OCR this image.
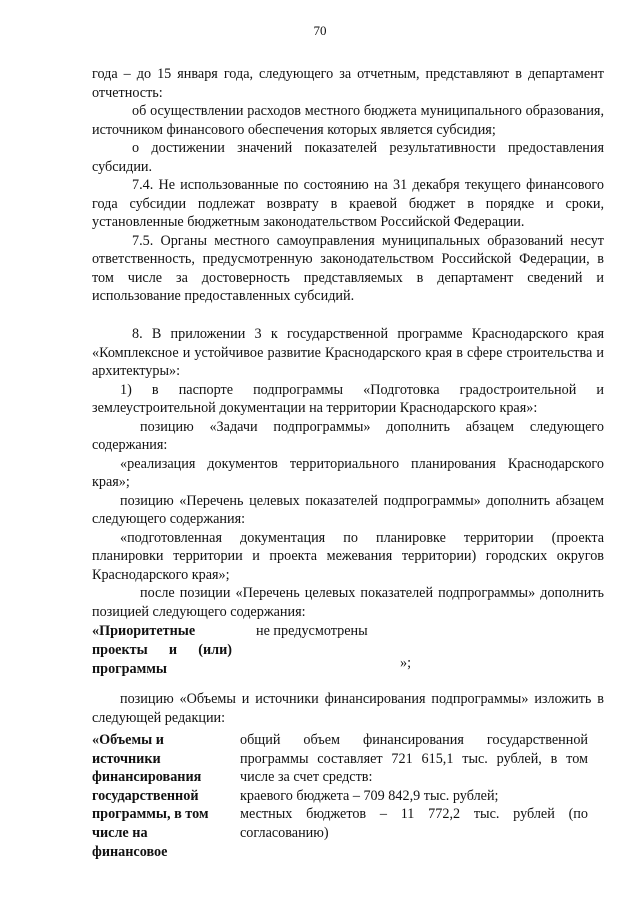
70

года – до 15 января года, следующего за отчетным, представляют в департамент отчетность:

об осуществлении расходов местного бюджета муниципального образования, источником финансового обеспечения которых является субсидия;

о достижении значений показателей результативности предоставления субсидии.

7.4. Не использованные по состоянию на 31 декабря текущего финансового года субсидии подлежат возврату в краевой бюджет в порядке и сроки, установленные бюджетным законодательством Российской Федерации.

7.5. Органы местного самоуправления муниципальных образований несут ответственность, предусмотренную законодательством Российской Федерации, в том числе за достоверность представляемых в департамент сведений и использование предоставленных субсидий.

8. В приложении 3 к государственной программе Краснодарского края «Комплексное и устойчивое развитие Краснодарского края в сфере строительства и архитектуры»:

1) в паспорте подпрограммы «Подготовка градостроительной и землеустроительной документации на территории Краснодарского края»:

позицию «Задачи подпрограммы» дополнить абзацем следующего содержания:

«реализация документов территориального планирования Краснодарского края»;

позицию «Перечень целевых показателей подпрограммы» дополнить абзацем следующего содержания:

«подготовленная документация по планировке территории (проекта планировки территории и проекта межевания территории) городских округов Краснодарского края»;

после позиции «Перечень целевых показателей подпрограммы» дополнить позицией следующего содержания:

«Приоритетные
проекты и (или)
программы
не предусмотрены
»;

позицию «Объемы и источники финансирования подпрограммы» изложить в следующей редакции:

«Объемы и
источники
финансирования
государственной
программы, в том
числе на
финансовое
общий объем финансирования государственной программы составляет 721 615,1 тыс. рублей, в том числе за счет средств:
краевого бюджета – 709 842,9 тыс. рублей;
местных бюджетов – 11 772,2 тыс. рублей (по согласованию)
